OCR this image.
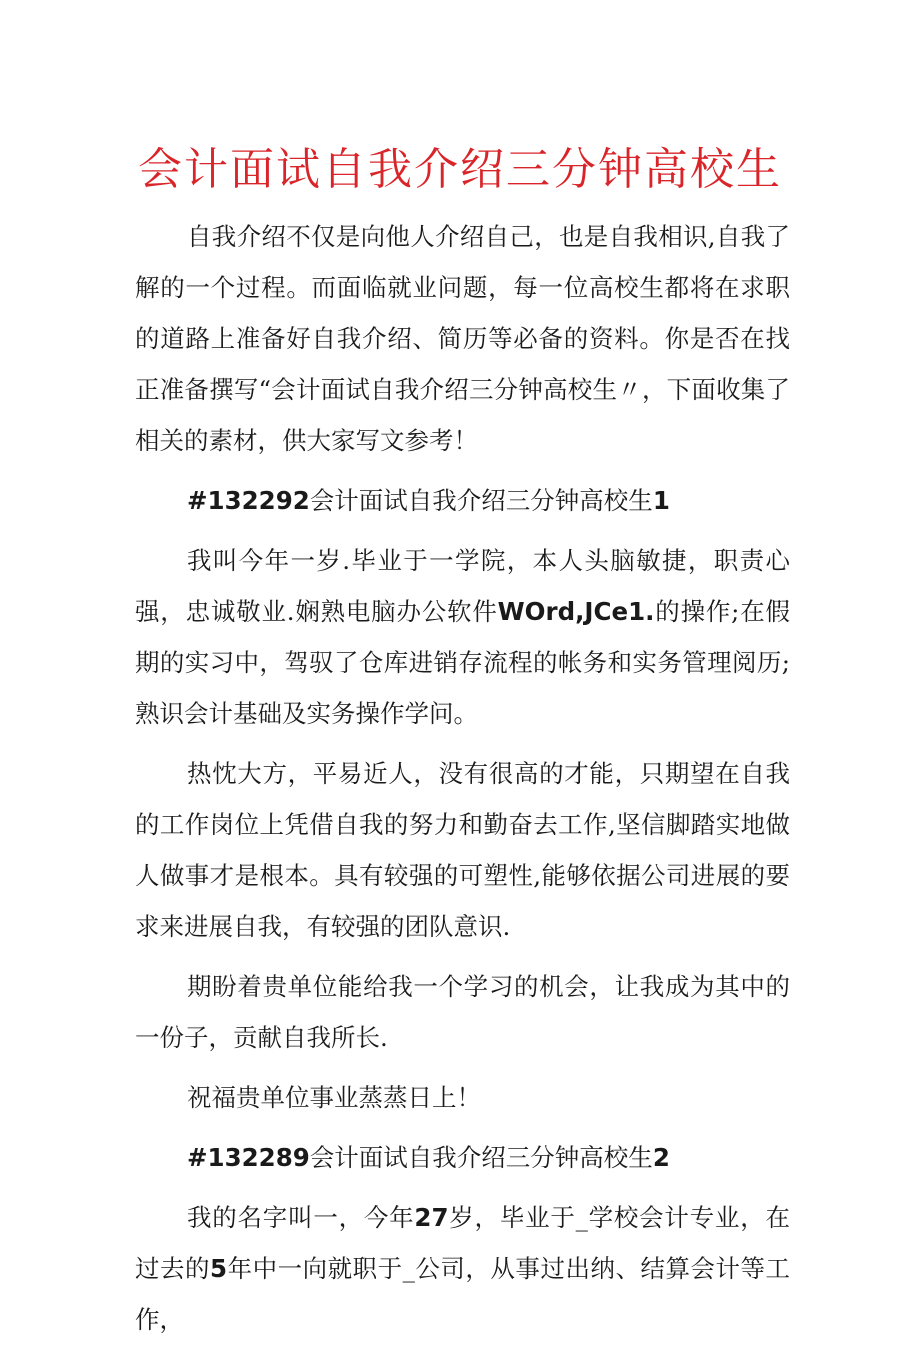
会计面试自我介绍三分钟高校生

自我介绍不仅是向他人介绍自己，也是自我相识,自我了解的一个过程。而面临就业问题，每一位高校生都将在求职的道路上准备好自我介绍、简历等必备的资料。你是否在找正准备撰写“会计面试自我介绍三分钟高校生〃，下面收集了相关的素材，供大家写文参考！

#132292会计面试自我介绍三分钟高校生1

我叫今年一岁.毕业于一学院，本人头脑敏捷，职责心强，忠诚敬业.娴熟电脑办公软件WOrd,JCe1.的操作;在假期的实习中，驾驭了仓库进销存流程的帐务和实务管理阅历;熟识会计基础及实务操作学问。

热忱大方，平易近人，没有很高的才能，只期望在自我的工作岗位上凭借自我的努力和勤奋去工作,坚信脚踏实地做人做事才是根本。具有较强的可塑性,能够依据公司进展的要求来进展自我，有较强的团队意识.

期盼着贵单位能给我一个学习的机会，让我成为其中的一份子，贡献自我所长.

祝福贵单位事业蒸蒸日上！

#132289会计面试自我介绍三分钟高校生2

我的名字叫一，今年27岁，毕业于_学校会计专业，在过去的5年中一向就职于_公司，从事过出纳、结算会计等工作，
